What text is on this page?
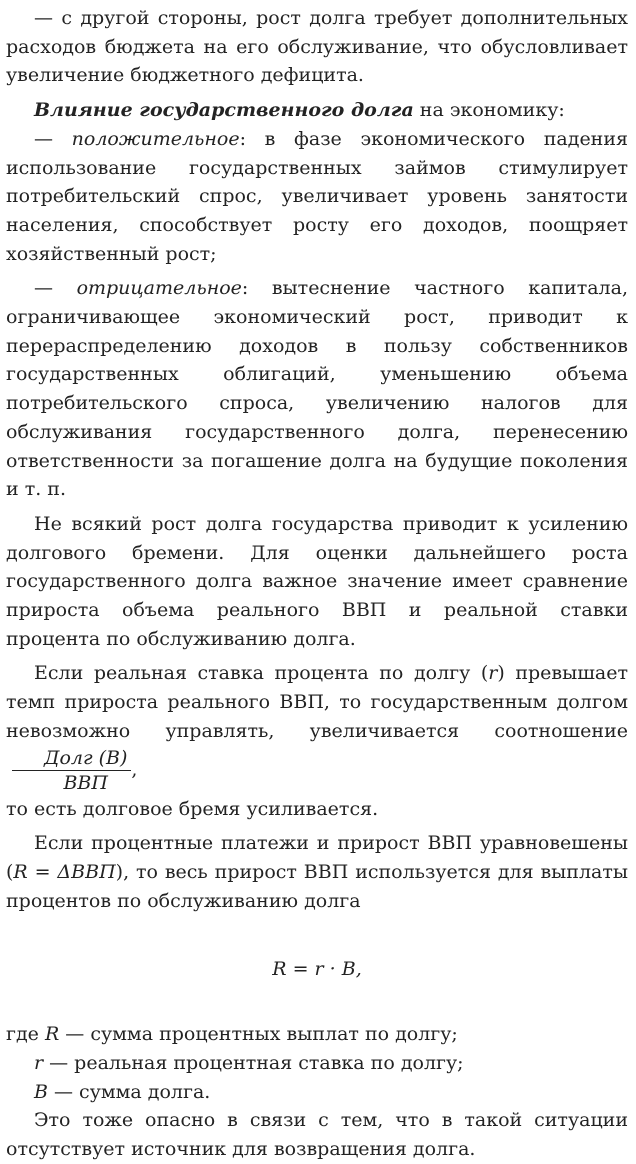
— с другой стороны, рост долга требует дополнительных расходов бюджета на его обслуживание, что обусловливает увеличение бюджетного дефицита.

Влияние государственного долга на экономику:

— положительное: в фазе экономического падения использование государственных займов стимулирует потребительский спрос, увеличивает уровень занятости населения, способствует росту его доходов, поощряет хозяйственный рост;

— отрицательное: вытеснение частного капитала, ограничивающее экономический рост, приводит к перераспределению доходов в пользу собственников государственных облигаций, уменьшению объема потребительского спроса, увеличению налогов для обслуживания государственного долга, перенесению ответственности за погашение долга на будущие поколения и т. п.

Не всякий рост долга государства приводит к усилению долгового бремени. Для оценки дальнейшего роста государственного долга важное значение имеет сравнение прироста объема реального ВВП и реальной ставки процента по обслуживанию долга.

Если реальная ставка процента по долгу (r) превышает темп прироста реального ВВП, то государственным долгом невозможно управлять, увеличивается соотношение
$\frac{\text{Долг (B)}}{\text{ВВП}}$ ,
то есть долговое бремя усиливается.

Если процентные платежи и прирост ВВП уравновешены (R = ΔВВП), то весь прирост ВВП используется для выплаты процентов по обслуживанию долга

R = r · B,

где R — сумма процентных выплат по долгу;

r — реальная процентная ставка по долгу;

B — сумма долга.

Это тоже опасно в связи с тем, что в такой ситуации отсутствует источник для возвращения долга.
